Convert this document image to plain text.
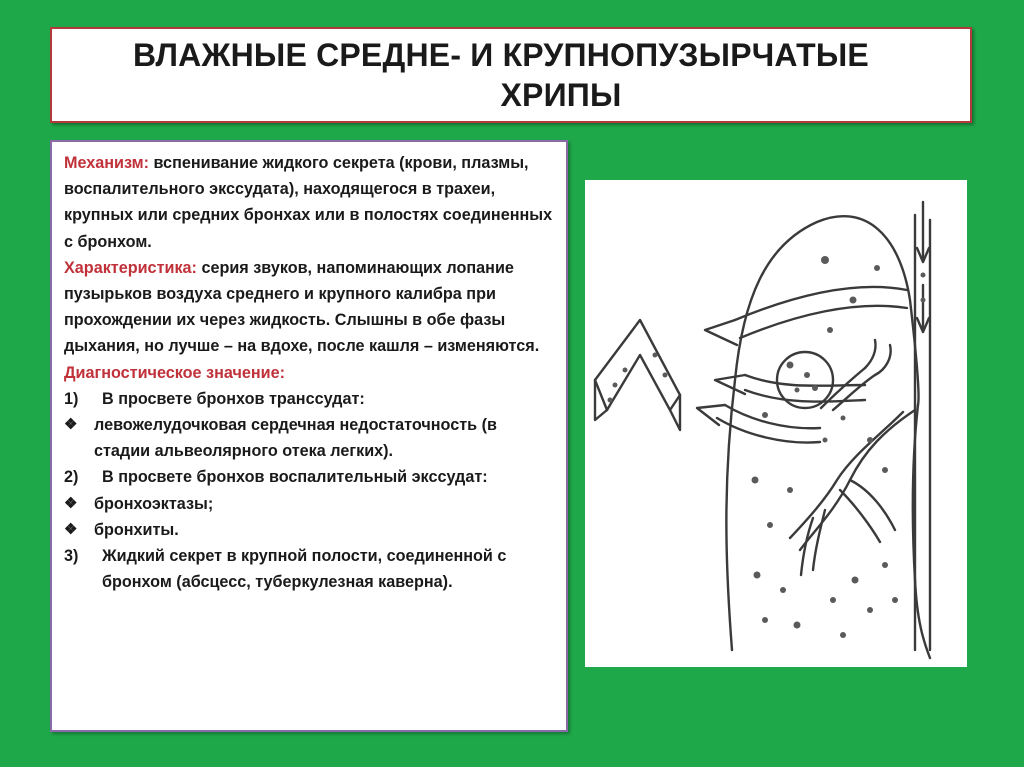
ВЛАЖНЫЕ СРЕДНЕ- И КРУПНОПУЗЫРЧАТЫЕ
ХРИПЫ

Механизм: вспенивание жидкого секрета (крови, плазмы, воспалительного экссудата), находящегося в трахеи, крупных или средних бронхах или в полостях соединенных с бронхом.

Характеристика: серия звуков, напоминающих лопание пузырьков воздуха среднего и крупного калибра при прохождении их через жидкость. Слышны в обе фазы дыхания, но лучше – на вдохе, после кашля – изменяются.

Диагностическое значение:

1)	В просвете бронхов транссудат:
❖	левожелудочковая сердечная недостаточность (в стадии альвеолярного отека легких).
2)	В просвете бронхов воспалительный экссудат:
❖	бронхоэктазы;
❖	бронхиты.
3)	Жидкий секрет в крупной полости, соединенной с бронхом (абсцесс, туберкулезная каверна).
